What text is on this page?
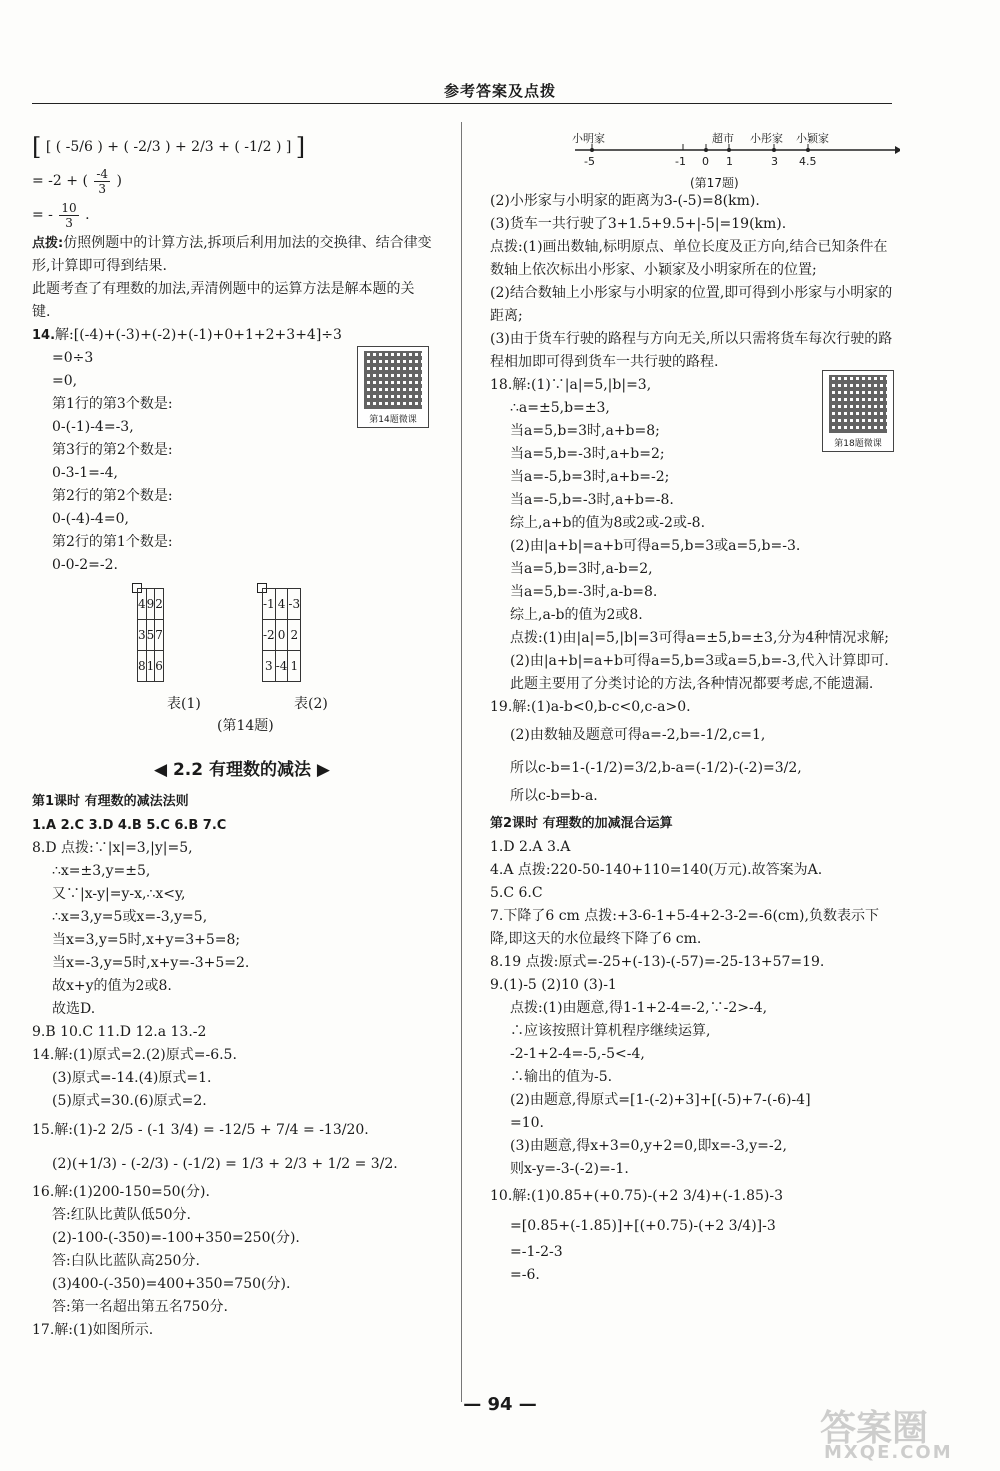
参考答案及点拨
[ [ ( -5/6 ) + ( -2/3 ) + 2/3 + ( -1/2 ) ] ]
= -2 + ( $\frac{-4}{3}$ )
= - $\frac{10}{3}$ .
点拨:仿照例题中的计算方法,拆项后利用加法的交换律、结合律变形,计算即可得到结果.
此题考查了有理数的加法,弄清例题中的运算方法是解本题的关键.
14.解:[(-4)+(-3)+(-2)+(-1)+0+1+2+3+4]÷3
=0÷3
=0,
第1行的第3个数是:
0-(-1)-4=-3,
第3行的第2个数是:
0-3-1=-4,
第2行的第2个数是:
0-(-4)-4=0,
第2行的第1个数是:
0-0-2=-2.
第14题微课
4	9	2
3	5	7
8	1	6
-1	4	-3
-2	0	2
3	-4	1
表(1)	表(2)
(第14题)
◀ 2.2 有理数的减法 ▶
第1课时 有理数的减法法则
1.A 2.C 3.D 4.B 5.C 6.B 7.C
8.D 点拨:∵|x|=3,|y|=5,
∴x=±3,y=±5,
又∵|x-y|=y-x,∴x<y,
∴x=3,y=5或x=-3,y=5,
当x=3,y=5时,x+y=3+5=8;
当x=-3,y=5时,x+y=-3+5=2.
故x+y的值为2或8.
故选D.
9.B 10.C 11.D 12.a 13.-2
14.解:(1)原式=2.(2)原式=-6.5.
(3)原式=-14.(4)原式=1.
(5)原式=30.(6)原式=2.
15.解:(1)-2 2/5 - (-1 3/4) = -12/5 + 7/4 = -13/20.
(2)(+1/3) - (-2/3) - (-1/2) = 1/3 + 2/3 + 1/2 = 3/2.
16.解:(1)200-150=50(分).
答:红队比黄队低50分.
(2)-100-(-350)=-100+350=250(分).
答:白队比蓝队高250分.
(3)400-(-350)=400+350=750(分).
答:第一名超出第五名750分.
17.解:(1)如图所示.
小明家	超市 小彤家 小颖家
-5	-1 0 1	3 4.5
(第17题)
(2)小彤家与小明家的距离为3-(-5)=8(km).
(3)货车一共行驶了3+1.5+9.5+|-5|=19(km).
点拨:(1)画出数轴,标明原点、单位长度及正方向,结合已知条件在数轴上依次标出小彤家、小颖家及小明家所在的位置;
(2)结合数轴上小彤家与小明家的位置,即可得到小彤家与小明家的距离;
(3)由于货车行驶的路程与方向无关,所以只需将货车每次行驶的路程相加即可得到货车一共行驶的路程.
18.解:(1)∵|a|=5,|b|=3,
∴a=±5,b=±3,
当a=5,b=3时,a+b=8;
当a=5,b=-3时,a+b=2;
当a=-5,b=3时,a+b=-2;
当a=-5,b=-3时,a+b=-8.
综上,a+b的值为8或2或-2或-8.
(2)由|a+b|=a+b可得a=5,b=3或a=5,b=-3.
当a=5,b=3时,a-b=2,
当a=5,b=-3时,a-b=8.
综上,a-b的值为2或8.
点拨:(1)由|a|=5,|b|=3可得a=±5,b=±3,分为4种情况求解;(2)由|a+b|=a+b可得a=5,b=3或a=5,b=-3,代入计算即可.此题主要用了分类讨论的方法,各种情况都要考虑,不能遗漏.
第18题微课
19.解:(1)a-b<0,b-c<0,c-a>0.
(2)由数轴及题意可得a=-2,b=-1/2,c=1,
所以c-b=1-(-1/2)=3/2,b-a=(-1/2)-(-2)=3/2,
所以c-b=b-a.
第2课时 有理数的加减混合运算
1.D 2.A 3.A
4.A 点拨:220-50-140+110=140(万元).故答案为A.
5.C 6.C
7.下降了6 cm 点拨:+3-6-1+5-4+2-3-2=-6(cm),负数表示下降,即这天的水位最终下降了6 cm.
8.19 点拨:原式=-25+(-13)-(-57)=-25-13+57=19.
9.(1)-5 (2)10 (3)-1
点拨:(1)由题意,得1-1+2-4=-2,∵-2>-4,
∴应该按照计算机程序继续运算,
-2-1+2-4=-5,-5<-4,
∴输出的值为-5.
(2)由题意,得原式=[1-(-2)+3]+[(-5)+7-(-6)-4]
=10.
(3)由题意,得x+3=0,y+2=0,即x=-3,y=-2,
则x-y=-3-(-2)=-1.
10.解:(1)0.85+(+0.75)-(+2 3/4)+(-1.85)-3
=[0.85+(-1.85)]+[(+0.75)-(+2 3/4)]-3
=-1-2-3
=-6.
— 94 —
答案圈
MXQE.COM
